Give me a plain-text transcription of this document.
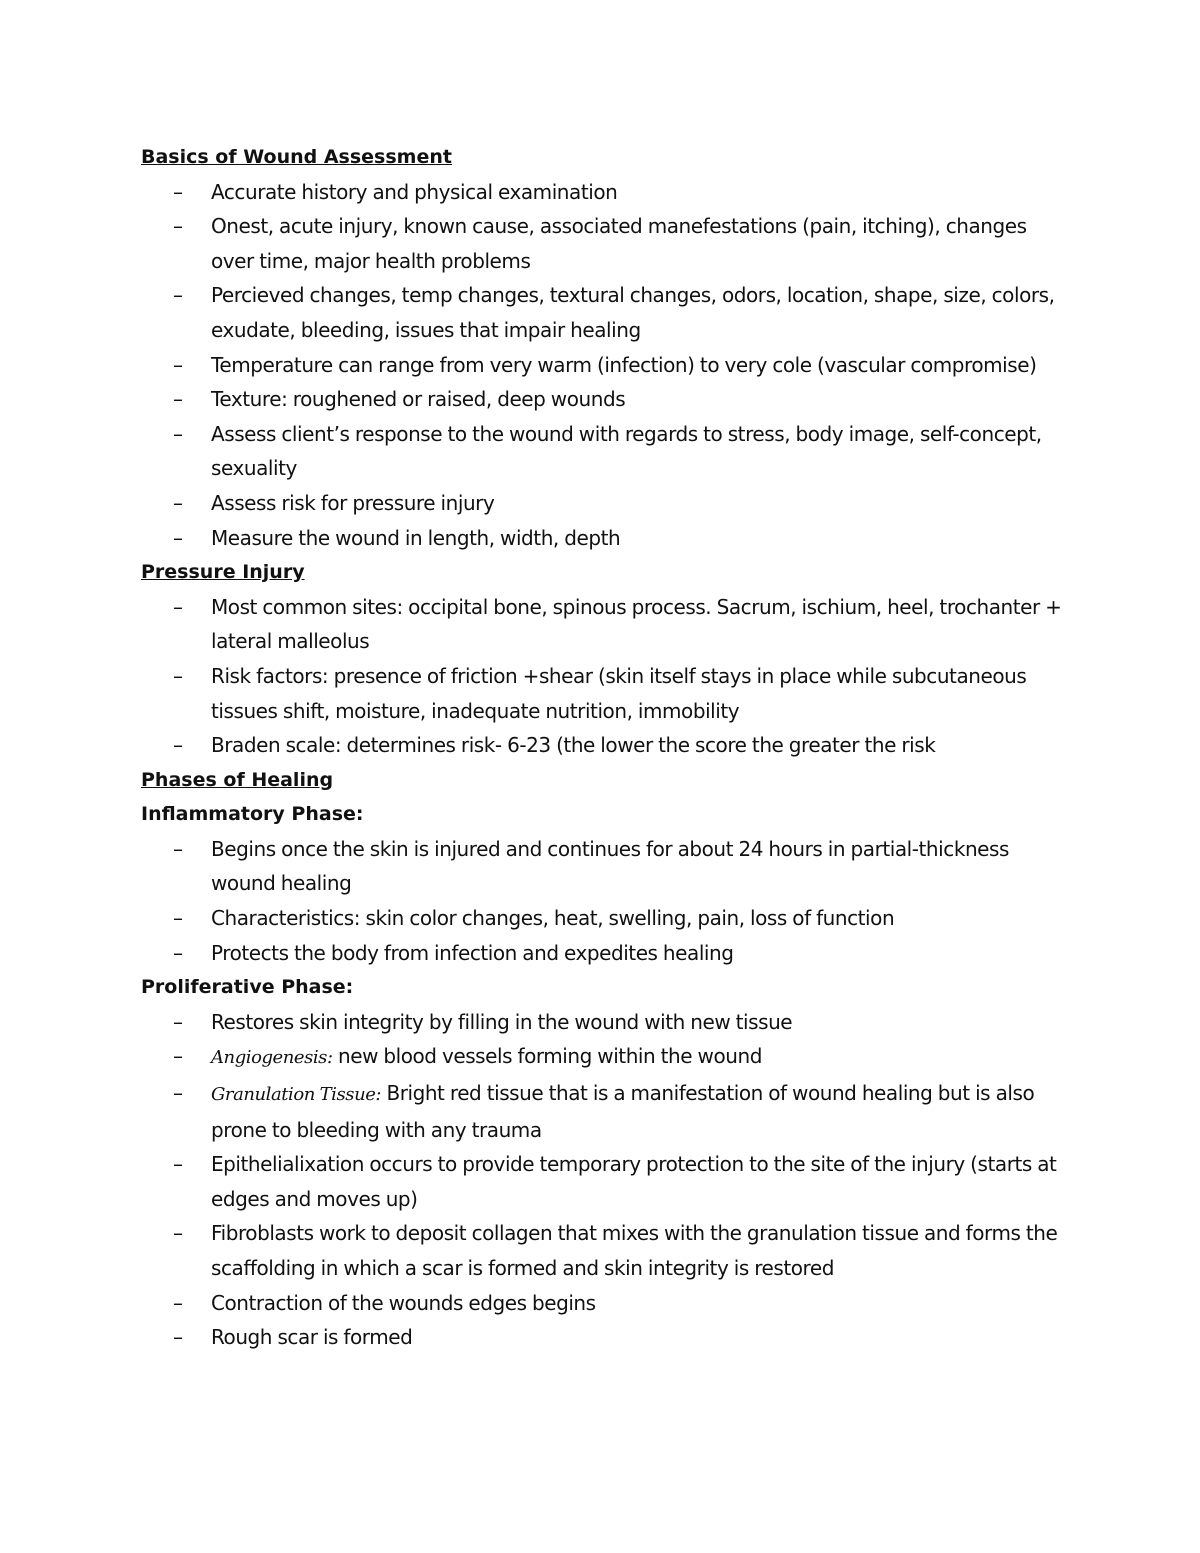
Basics of Wound Assessment
– Accurate history and physical examination
– Onest, acute injury, known cause, associated manefestations (pain, itching), changes over time, major health problems
– Percieved changes, temp changes, textural changes, odors, location, shape, size, colors, exudate, bleeding, issues that impair healing
– Temperature can range from very warm (infection) to very cole (vascular compromise)
– Texture: roughened or raised, deep wounds
– Assess client’s response to the wound with regards to stress, body image, self-concept, sexuality
– Assess risk for pressure injury
– Measure the wound in length, width, depth
Pressure Injury
– Most common sites: occipital bone, spinous process. Sacrum, ischium, heel, trochanter + lateral malleolus
– Risk factors: presence of friction +shear (skin itself stays in place while subcutaneous tissues shift, moisture, inadequate nutrition, immobility
– Braden scale: determines risk- 6-23 (the lower the score the greater the risk
Phases of Healing
Inflammatory Phase:
– Begins once the skin is injured and continues for about 24 hours in partial-thickness wound healing
– Characteristics: skin color changes, heat, swelling, pain, loss of function
– Protects the body from infection and expedites healing
Proliferative Phase:
– Restores skin integrity by filling in the wound with new tissue
– Angiogenesis: new blood vessels forming within the wound
– Granulation Tissue: Bright red tissue that is a manifestation of wound healing but is also prone to bleeding with any trauma
– Epithelialixation occurs to provide temporary protection to the site of the injury (starts at edges and moves up)
– Fibroblasts work to deposit collagen that mixes with the granulation tissue and forms the scaffolding in which a scar is formed and skin integrity is restored
– Contraction of the wounds edges begins
– Rough scar is formed
